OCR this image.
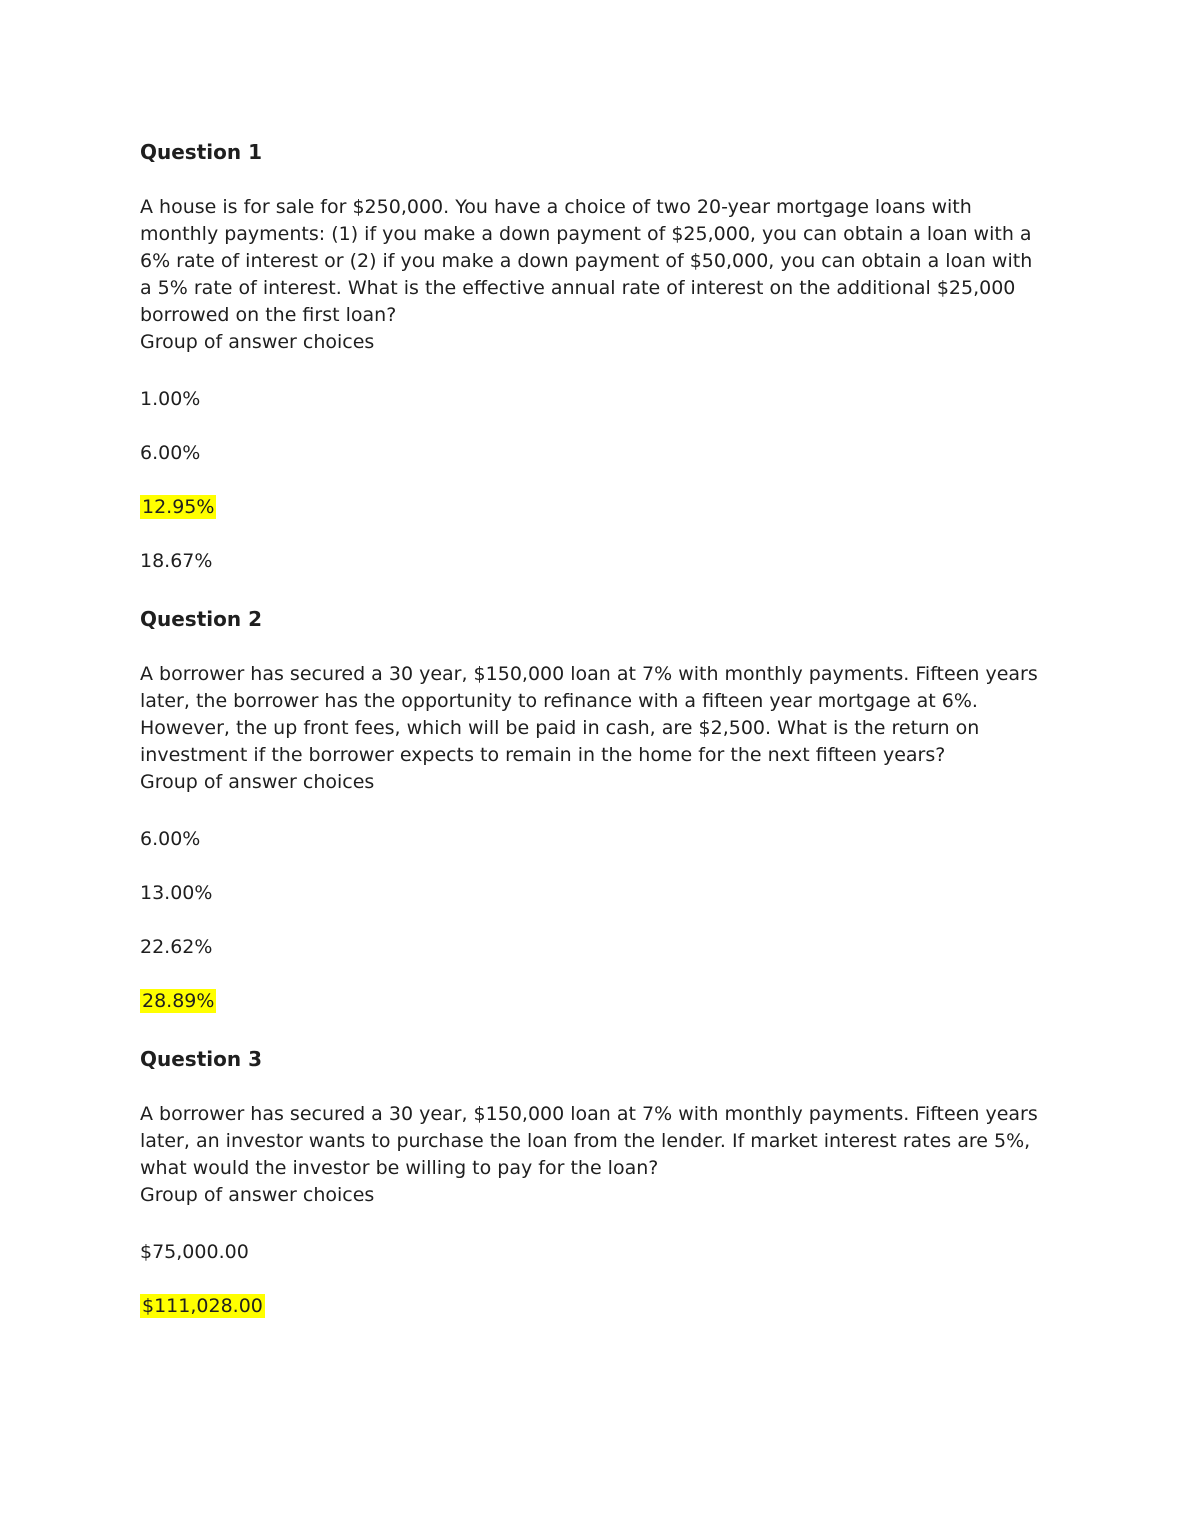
Question 1

A house is for sale for $250,000. You have a choice of two 20-year mortgage loans with monthly payments: (1) if you make a down payment of $25,000, you can obtain a loan with a 6% rate of interest or (2) if you make a down payment of $50,000, you can obtain a loan with a 5% rate of interest. What is the effective annual rate of interest on the additional $25,000 borrowed on the first loan?
Group of answer choices

1.00%

6.00%

12.95%

18.67%

Question 2

A borrower has secured a 30 year, $150,000 loan at 7% with monthly payments. Fifteen years later, the borrower has the opportunity to refinance with a fifteen year mortgage at 6%. However, the up front fees, which will be paid in cash, are $2,500. What is the return on investment if the borrower expects to remain in the home for the next fifteen years?
Group of answer choices

6.00%

13.00%

22.62%

28.89%

Question 3

A borrower has secured a 30 year, $150,000 loan at 7% with monthly payments. Fifteen years later, an investor wants to purchase the loan from the lender. If market interest rates are 5%, what would the investor be willing to pay for the loan?
Group of answer choices

$75,000.00

$111,028.00
